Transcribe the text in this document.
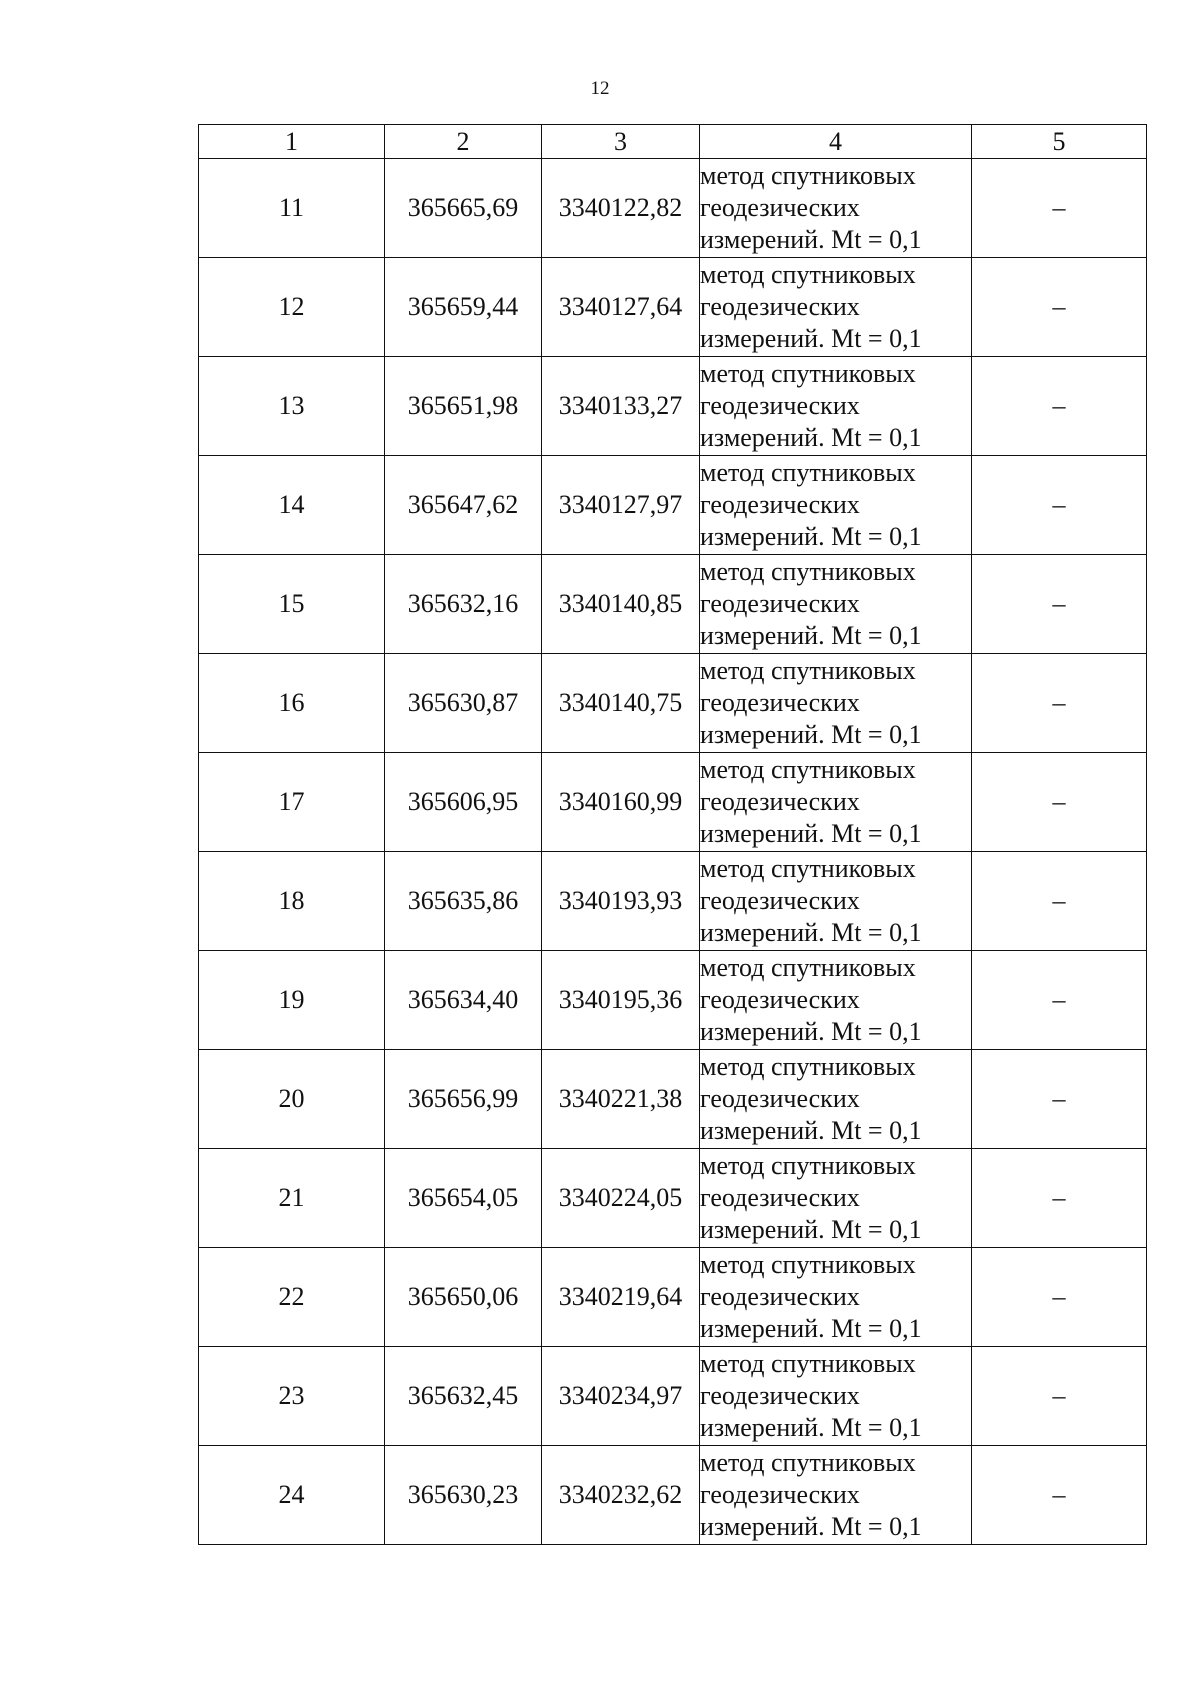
12
1	2	3	4	5
11	365665,69	3340122,82	метод спутниковых
геодезических
измерений. Mt = 0,1	–
12	365659,44	3340127,64	метод спутниковых
геодезических
измерений. Mt = 0,1	–
13	365651,98	3340133,27	метод спутниковых
геодезических
измерений. Mt = 0,1	–
14	365647,62	3340127,97	метод спутниковых
геодезических
измерений. Mt = 0,1	–
15	365632,16	3340140,85	метод спутниковых
геодезических
измерений. Mt = 0,1	–
16	365630,87	3340140,75	метод спутниковых
геодезических
измерений. Mt = 0,1	–
17	365606,95	3340160,99	метод спутниковых
геодезических
измерений. Mt = 0,1	–
18	365635,86	3340193,93	метод спутниковых
геодезических
измерений. Mt = 0,1	–
19	365634,40	3340195,36	метод спутниковых
геодезических
измерений. Mt = 0,1	–
20	365656,99	3340221,38	метод спутниковых
геодезических
измерений. Mt = 0,1	–
21	365654,05	3340224,05	метод спутниковых
геодезических
измерений. Mt = 0,1	–
22	365650,06	3340219,64	метод спутниковых
геодезических
измерений. Mt = 0,1	–
23	365632,45	3340234,97	метод спутниковых
геодезических
измерений. Mt = 0,1	–
24	365630,23	3340232,62	метод спутниковых
геодезических
измерений. Mt = 0,1	–
